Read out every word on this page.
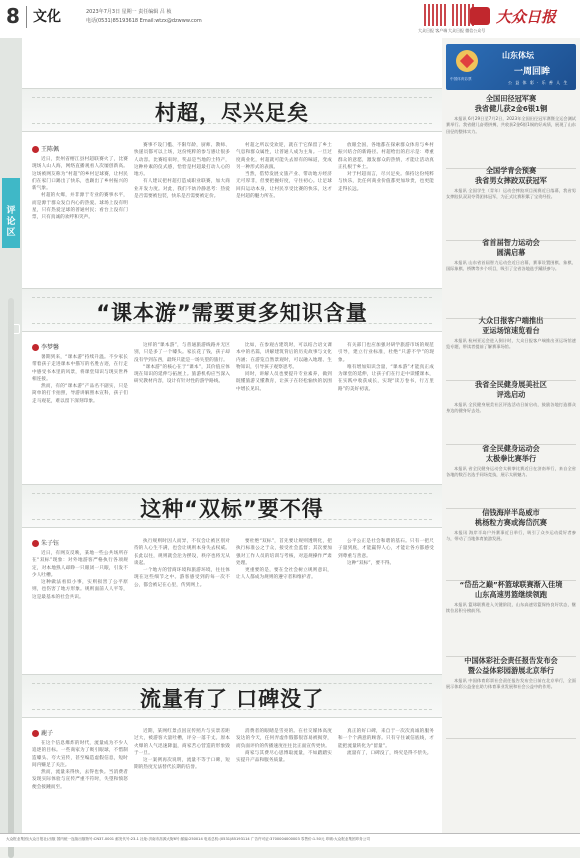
8 文化	2023年7月3日 星期一 责任编辑 吕 桢
电话(0531)85193618 Email:wtzx@dzwww.com
大众日报 客户端 大众日报 微信公众号
大众日报
评论区
村超，尽兴足矣
王陈佩

近日，贵州省榕江县村超联赛火了，比赛现场人山人海，网络直播观看人次屡创新高。这场被网友称为“村超”的乡村足球赛，让村民们在家门口踢出了快乐，也踢出了乡村振兴的新气象。

村超的火爆，并非源于专业的赛事水平，而是源于群众发自内心的热爱。球场上没有明星，只有热爱足球的普通村民；看台上没有门票，只有真诚的欢呼和笑声。

赛事不设门槛、不限年龄，厨师、教师、快递员都可以上场，这份纯粹的参与感让很多人动容。比赛结束时，奖品是当地的土特产，这种朴素的仪式感，恰恰是村超最打动人心的地方。

有人建议把村超打造成职业联赛，加大商业开发力度。对此，我们不妨冷静思考：热爱是否需要被包装，快乐是否需要被定价。

村超之所以受欢迎，就在于它保留了乡土气息和群众属性，让普通人成为主角。一旦过度商业化，村超就可能失去原有的味道，变成另一种形式的表演。

当然，借势发展文旅产业、带动地方经济无可厚非，但要把握好度，守住初心。让足球回归运动本身，让村民享受比赛的快乐，这才是村超的魅力所在。

放眼全国，各地都在探索群众体育与乡村振兴结合的新路径。村超给出的启示是：尊重群众的意愿，激发群众的热情，才能让活动真正扎根于乡土。

对于村超而言，尽兴足矣。保持这份纯粹与快乐，比任何商业价值都更加珍贵，也更能走得长远。

“课本游”需要更多知识含量
李梦馨

暑期到来，“课本游”持续升温。不少家长带着孩子走进课本中描写的名胜古迹，在行走中感受书本里的风景，将课堂知识与现实世界相连接。

然而，有的“课本游”产品名不副实，只是简单的打卡拍照，导游讲解照本宣科，孩子们走马观花，难以留下深刻印象。

这样的“课本游”，与普通旅游线路并无区别，只是多了一个噱头。家长花了钱，孩子却没有学到东西，最终只能是一场失望的旅行。

“课本游”的核心在于“课本”，其价值应体现在知识的延伸与拓展上。旅游机构应当深入研究教材内容，设计有针对性的游学路线。

比如，在参观古建筑时，可以结合语文课本中的名篇，讲解建筑背后的历史故事与文化内涵；在游览自然景观时，可以融入地理、生物知识，引导孩子观察思考。

同时，讲解人员也要提升专业素养，做到既懂旅游又懂教育，让孩子在轻松愉快的氛围中增长见识。

有关部门也应加强对研学旅游市场的规范引导，建立行业标准，杜绝“只游不学”的现象。

唯有增加知识含量，“课本游”才能真正成为课堂的延伸，让孩子们在行走中读懂课本，在实践中收获成长，实现“读万卷书，行万里路”的美好初衷。

这种“双标”要不得
朱子钰

近日，有网友反映，某地一些公共场所存在“双标”现象：对外地游客严格执行各项规定，对本地熟人却睁一只眼闭一只眼，引发不少人吐槽。

这种做法看似小事，实则损害了公平原则，也伤害了地方形象。规则面前人人平等，这是最基本的社会共识。

执行规则时因人而异，不仅会让被区别对待的人心生不满，也会让规则本身失去权威。长此以往，规则就会沦为摆设，秩序也将无从谈起。

一个地方的营商环境和旅游环境，往往体现在这些细节之中。游客感受到的每一次不公，都会被记在心里，传到网上。

要杜绝“双标”，首先要让规则透明化，把执行标准公之于众，接受社会监督；其次要加强对工作人员的培训与考核，对违规操作严肃处理。

更重要的是，要在全社会树立规则意识，让人人都成为规则的遵守者和维护者。

公平公正是社会和谐的基石。只有一把尺子量到底，才能赢得人心，才能让各方都感受到尊重与善意。

这种“双标”，要不得。

流量有了 口碑没了
鹿子

在这个信息爆炸的时代，流量成为不少人追逐的目标。一些商家为了吸引眼球，不惜制造噱头、夸大宣传，甚至编造虚假信息，短时间内赚足了关注。

然而，流量来得快，去得也快。当消费者发现实际体验与宣传严重不符时，失望和愤怒便会接踵而至。

近期，某网红景点因宣传照片与实景差距过大，被游客大量吐槽，评分一落千丈。原本火爆的人气迅速降温，商家苦心营造的形象毁于一旦。

这一案例再次说明，流量不等于口碑，短期的热度无法替代长期的信誉。

消费者的眼睛是雪亮的。在社交媒体高度发达的今天，任何弄虚作假都很容易被揭穿，而负面评价的传播速度往往比正面宣传更快。

商家与其费尽心思博取流量，不如踏踏实实提升产品和服务质量。

真正的好口碑，来自于一次次真诚的服务和一个个满意的顾客。只有守住诚信底线，才能把流量转化为“留量”。

流量有了，口碑没了，终究是得不偿失。

山东体坛
一周回眸
中国体育彩票
公 益 体 彩 · 乐 善 人 生
全国田径冠军赛
我省健儿获2金6银1铜

本报讯 6月29日至7月2日，2023年全国田径冠军赛暨全运会测试赛举行。我省健儿奋勇拼搏，共收获2金6银1铜的好成绩，展现了山东田径的整体实力。

全国学青会预赛
我省男女摔跤双获冠军

本报讯 全国学生（青年）运动会摔跤项目预赛近日落幕，我省男女摔跤队双双夺得团体冠军，为正式比赛积累了宝贵经验。

省首届智力运动会
圆满启幕

本报讯 山东省首届智力运动会近日启幕，赛事设置围棋、象棋、国际象棋、桥牌等多个项目，吸引了全省各地选手踊跃参与。

大众日报客户端推出
亚运场馆速览看台

本报讯 杭州亚运会进入倒计时，大众日报客户端推出亚运场馆速览专题，带读者提前了解赛事场馆。

我省全民健身展美社区
评选启动

本报讯 全民健身展美社区评选活动日前启动，鼓励各地打造群众身边的健身好去处。

省全民健身运动会
太极拳比赛举行

本报讯 省全民健身运动会太极拳比赛近日在济南举行，来自全省各地的数百名选手同场竞技，展示太极魅力。

信钱海岸半岛威市
桃杨粒方赛或海岱沉赛

本报讯 海岸半岛户外赛事近日举行，吸引了众多运动爱好者参与，带动了当地体育旅游发展。

“岱岳之巅”杯篮球联赛渐入佳境
山东高速男篮继续领跑

本报讯 篮球联赛进入关键阶段，山东高速男篮保持良好状态，继续位居积分榜前列。

中国体彩社会责任报告发布会
暨公益体彩园游展北京举行

本报讯 中国体育彩票社会责任报告发布会日前在北京举行，全面展示体彩公益金在助力体育事业发展和社会公益中的作用。

大众报业集团(大众日报社)出版 国内统一连续出版物号:CN37-0001 邮发代号:23-1 社址:济南市泺源大街6号 邮编:250014 电话总机:(0531)85193114 广告许可证:3700004000003 零售价:1.50元 印刷:大众报业集团印务公司
